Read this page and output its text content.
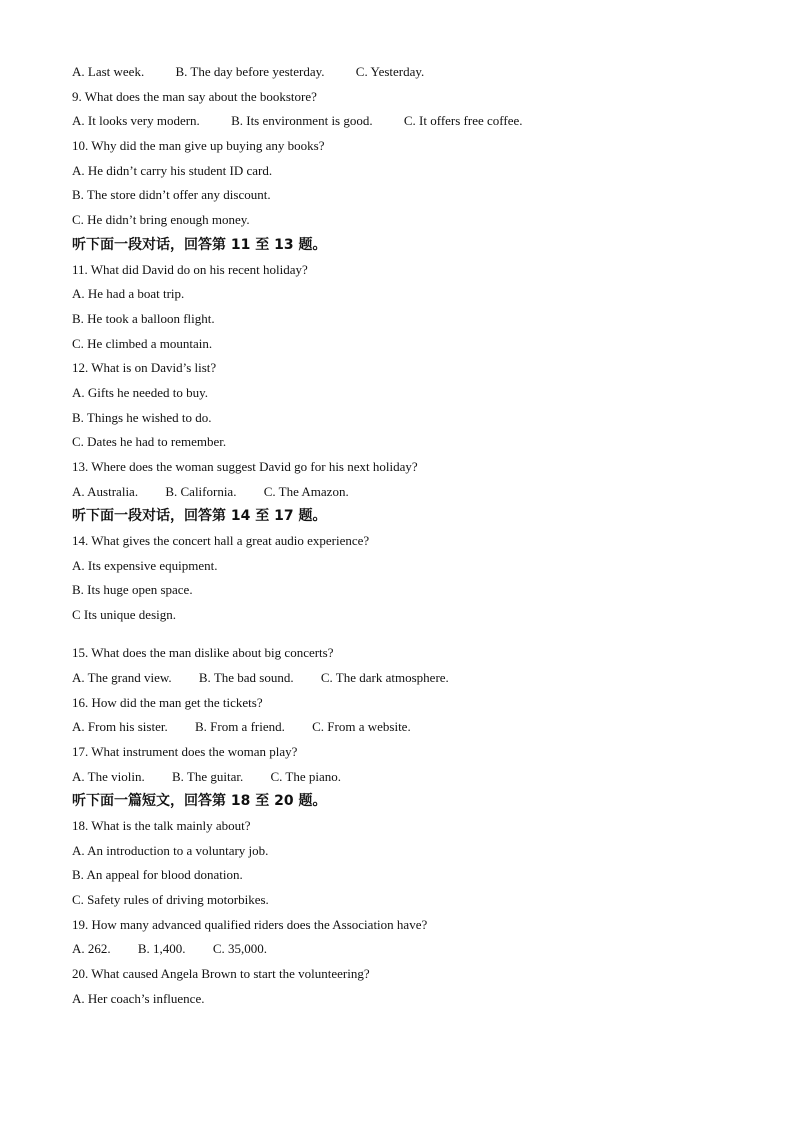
A. Last week. B. The day before yesterday. C. Yesterday.
9. What does the man say about the bookstore?
A. It looks very modern. B. Its environment is good. C. It offers free coffee.
10. Why did the man give up buying any books?
A. He didn’t carry his student ID card.
B. The store didn’t offer any discount.
C. He didn’t bring enough money.
听下面一段对话，回答第 11 至 13 题。
11. What did David do on his recent holiday?
A. He had a boat trip.
B. He took a balloon flight.
C. He climbed a mountain.
12. What is on David’s list?
A. Gifts he needed to buy.
B. Things he wished to do.
C. Dates he had to remember.
13. Where does the woman suggest David go for his next holiday?
A. Australia. B. California. C. The Amazon.
听下面一段对话，回答第 14 至 17 题。
14. What gives the concert hall a great audio experience?
A. Its expensive equipment.
B. Its huge open space.
C Its unique design.
15. What does the man dislike about big concerts?
A. The grand view. B. The bad sound. C. The dark atmosphere.
16. How did the man get the tickets?
A. From his sister. B. From a friend. C. From a website.
17. What instrument does the woman play?
A. The violin. B. The guitar. C. The piano.
听下面一篇短文，回答第 18 至 20 题。
18. What is the talk mainly about?
A. An introduction to a voluntary job.
B. An appeal for blood donation.
C. Safety rules of driving motorbikes.
19. How many advanced qualified riders does the Association have?
A. 262. B. 1,400. C. 35,000.
20. What caused Angela Brown to start the volunteering?
A. Her coach’s influence.
